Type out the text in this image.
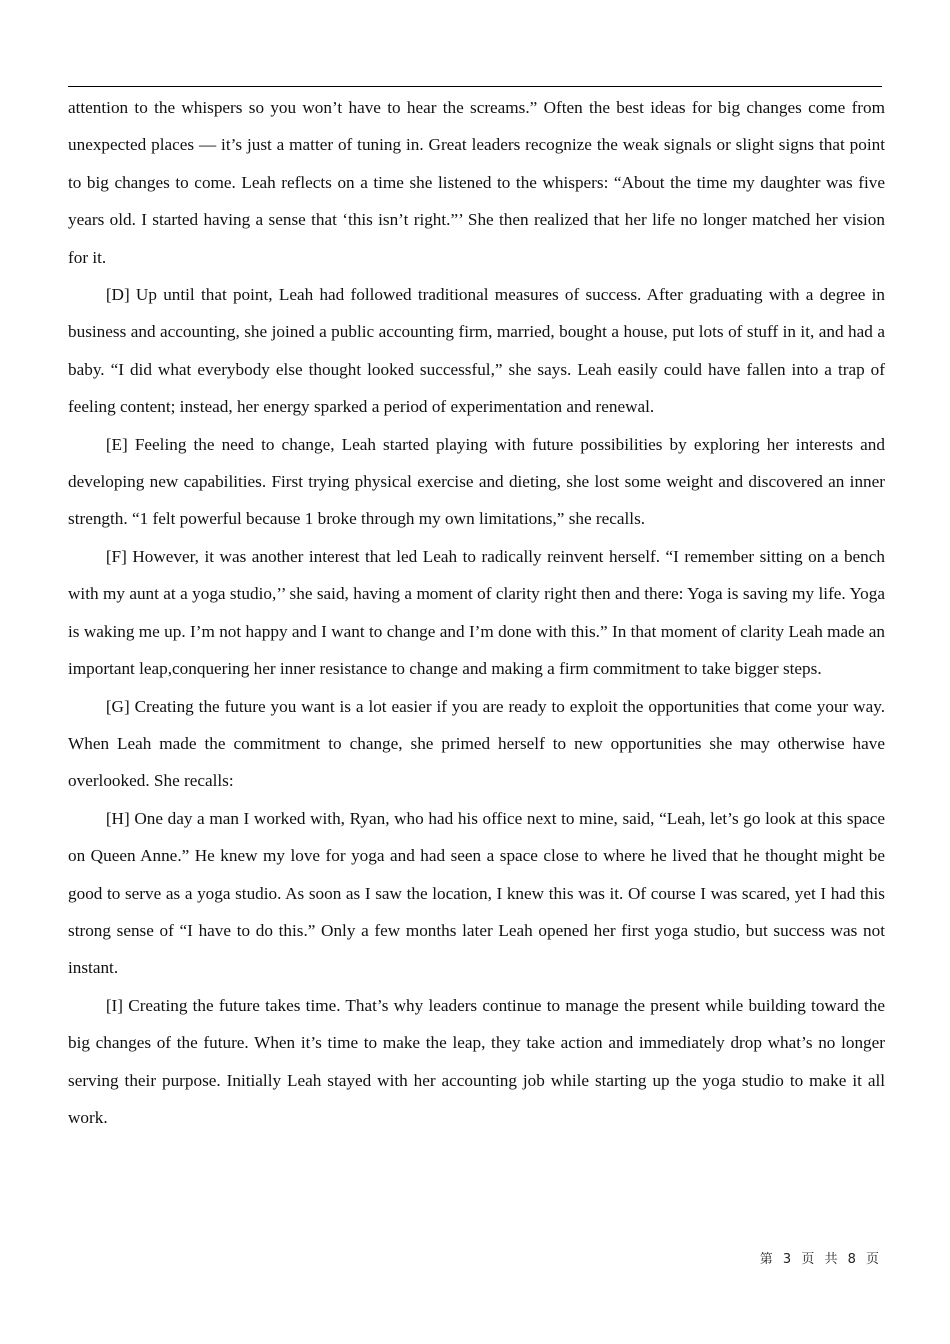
attention to the whispers so you won’t have to hear the screams.” Often the best ideas for big changes come from unexpected places — it’s just a matter of tuning in. Great leaders recognize the weak signals or slight signs that point to big changes to come. Leah reflects on a time she listened to the whispers: “About the time my daughter was five years old. I started having a sense that ‘this isn’t right.”’ She then realized that her life no longer matched her vision for it.

[D] Up until that point, Leah had followed traditional measures of success. After graduating with a degree in business and accounting, she joined a public accounting firm, married, bought a house, put lots of stuff in it, and had a baby. “I did what everybody else thought looked successful,” she says. Leah easily could have fallen into a trap of feeling content; instead, her energy sparked a period of experimentation and renewal.

[E] Feeling the need to change, Leah started playing with future possibilities by exploring her interests and developing new capabilities. First trying physical exercise and dieting, she lost some weight and discovered an inner strength. “1 felt powerful because 1 broke through my own limitations,” she recalls.

[F] However, it was another interest that led Leah to radically reinvent herself. “I remember sitting on a bench with my aunt at a yoga studio,’’ she said, having a moment of clarity right then and there: Yoga is saving my life. Yoga is waking me up. I’m not happy and I want to change and I’m done with this.” In that moment of clarity Leah made an important leap,conquering her inner resistance to change and making a firm commitment to take bigger steps.

[G] Creating the future you want is a lot easier if you are ready to exploit the opportunities that come your way. When Leah made the commitment to change, she primed herself to new opportunities she may otherwise have overlooked. She recalls:

[H] One day a man I worked with, Ryan, who had his office next to mine, said, “Leah, let’s go look at this space on Queen Anne.” He knew my love for yoga and had seen a space close to where he lived that he thought might be good to serve as a yoga studio. As soon as I saw the location, I knew this was it. Of course I was scared, yet I had this strong sense of “I have to do this.” Only a few months later Leah opened her first yoga studio, but success was not instant.

[I] Creating the future takes time. That’s why leaders continue to manage the present while building toward the big changes of the future. When it’s time to make the leap, they take action and immediately drop what’s no longer serving their purpose. Initially Leah stayed with her accounting job while starting up the yoga studio to make it all work.

第 3 页 共 8 页
